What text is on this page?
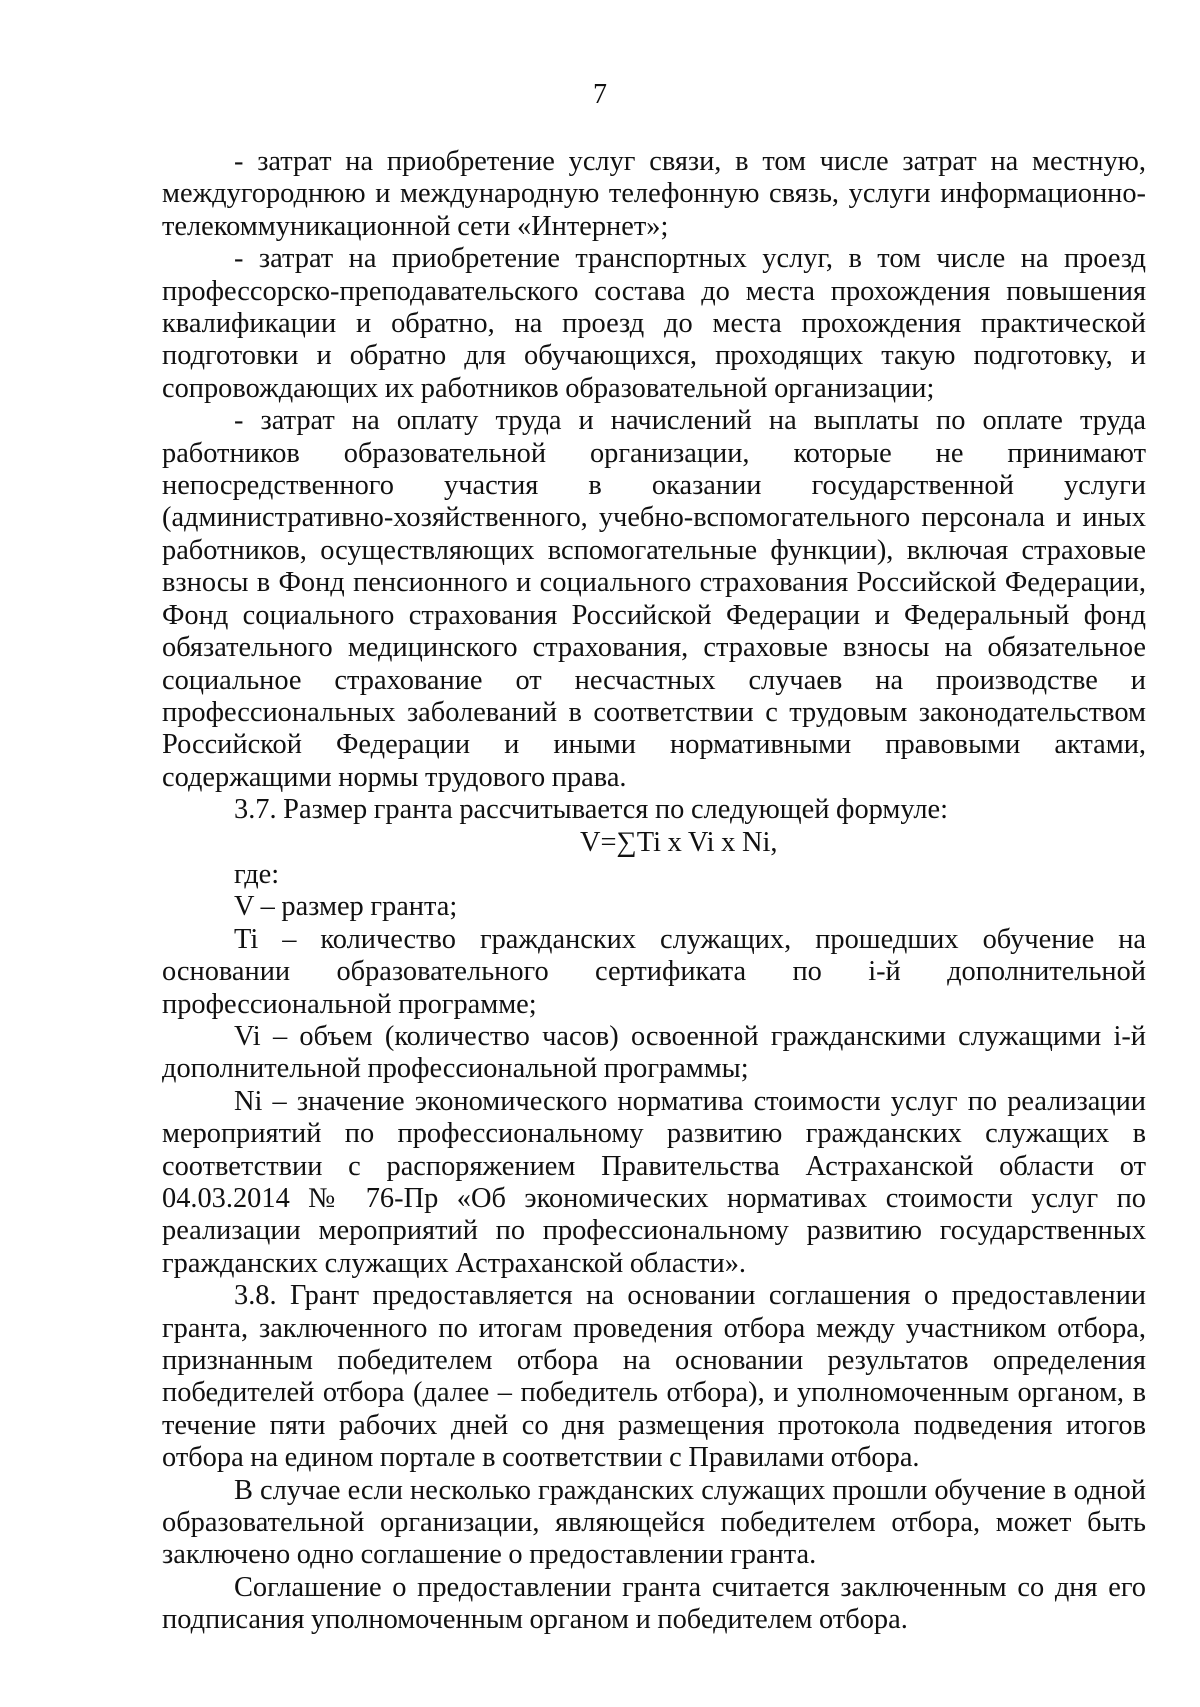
7

- затрат на приобретение услуг связи, в том числе затрат на местную, междугороднюю и международную телефонную связь, услуги информационно-телекоммуникационной сети «Интернет»;

- затрат на приобретение транспортных услуг, в том числе на проезд профессорско-преподавательского состава до места прохождения повышения квалификации и обратно, на проезд до места прохождения практической подготовки и обратно для обучающихся, проходящих такую подготовку, и сопровождающих их работников образовательной организации;

- затрат на оплату труда и начислений на выплаты по оплате труда работников образовательной организации, которые не принимают непосредственного участия в оказании государственной услуги (административно-хозяйственного, учебно-вспомогательного персонала и иных работников, осуществляющих вспомогательные функции), включая страховые взносы в Фонд пенсионного и социального страхования Российской Федерации, Фонд социального страхования Российской Федерации и Федеральный фонд обязательного медицинского страхования, страховые взносы на обязательное социальное страхование от несчастных случаев на производстве и профессиональных заболеваний в соответствии с трудовым законодательством Российской Федерации и иными нормативными правовыми актами, содержащими нормы трудового права.

3.7. Размер гранта рассчитывается по следующей формуле:

V=∑Ti x Vi x Ni,

где:

V – размер гранта;

Ti – количество гражданских служащих, прошедших обучение на основании образовательного сертификата по i-й дополнительной профессиональной программе;

Vi – объем (количество часов) освоенной гражданскими служащими i-й дополнительной профессиональной программы;

Ni – значение экономического норматива стоимости услуг по реализации мероприятий по профессиональному развитию гражданских служащих в соответствии с распоряжением Правительства Астраханской области от 04.03.2014 № 76-Пр «Об экономических нормативах стоимости услуг по реализации мероприятий по профессиональному развитию государственных гражданских служащих Астраханской области».

3.8. Грант предоставляется на основании соглашения о предоставлении гранта, заключенного по итогам проведения отбора между участником отбора, признанным победителем отбора на основании результатов определения победителей отбора (далее – победитель отбора), и уполномоченным органом, в течение пяти рабочих дней со дня размещения протокола подведения итогов отбора на едином портале в соответствии с Правилами отбора.

В случае если несколько гражданских служащих прошли обучение в одной образовательной организации, являющейся победителем отбора, может быть заключено одно соглашение о предоставлении гранта.

Соглашение о предоставлении гранта считается заключенным со дня его подписания уполномоченным органом и победителем отбора.
